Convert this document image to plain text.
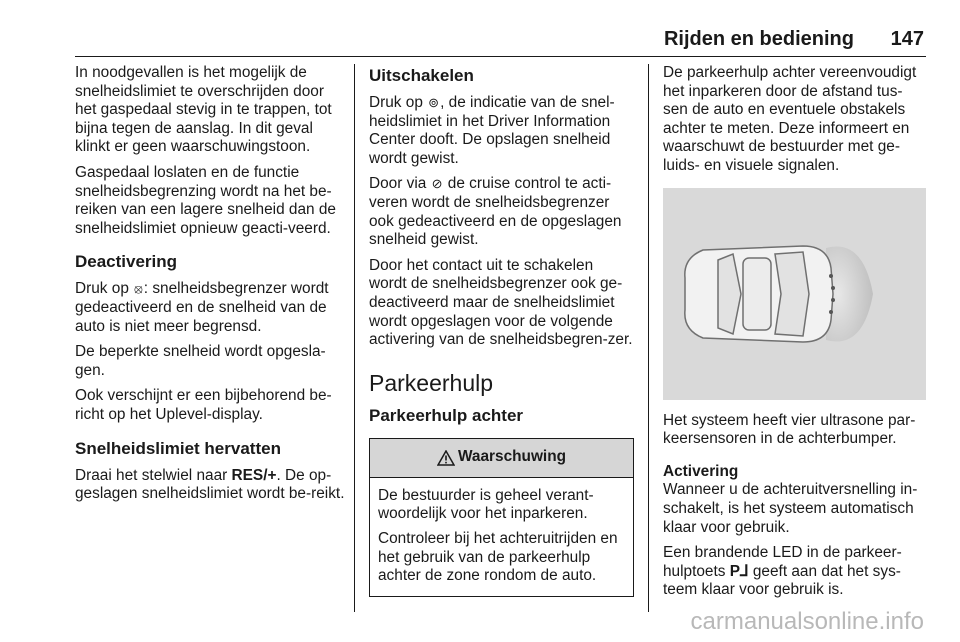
Rijden en bediening 147

In noodgevallen is het mogelijk de snelheidslimiet te overschrijden door het gaspedaal stevig in te trappen, tot bijna tegen de aanslag. In dit geval klinkt er geen waarschuwingstoon.

Gaspedaal loslaten en de functie snelheidsbegrenzing wordt na het be-reiken van een lagere snelheid dan de snelheidslimiet opnieuw geacti-veerd.

Deactivering

Druk op ⦻: snelheidsbegrenzer wordt gedeactiveerd en de snelheid van de auto is niet meer begrensd.

De beperkte snelheid wordt opgesla-gen.

Ook verschijnt er een bijbehorend be-richt op het Uplevel-display.

Snelheidslimiet hervatten

Draai het stelwiel naar RES/+. De op-geslagen snelheidslimiet wordt be-reikt.

Uitschakelen

Druk op ⊚, de indicatie van de snel-heidslimiet in het Driver Information Center dooft. De opslagen snelheid wordt gewist.

Door via ⊘ de cruise control te acti-veren wordt de snelheidsbegrenzer ook gedeactiveerd en de opgeslagen snelheid gewist.

Door het contact uit te schakelen wordt de snelheidsbegrenzer ook ge-deactiveerd maar de snelheidslimiet wordt opgeslagen voor de volgende activering van de snelheidsbegren-zer.

Parkeerhulp
Parkeerhulp achter
Waarschuwing

De bestuurder is geheel verant-woordelijk voor het inparkeren.

Controleer bij het achteruitrijden en het gebruik van de parkeerhulp achter de zone rondom de auto.

De parkeerhulp achter vereenvoudigt het inparkeren door de afstand tus-sen de auto en eventuele obstakels achter te meten. Deze informeert en waarschuwt de bestuurder met ge-luids- en visuele signalen.

Het systeem heeft vier ultrasone par-keersensoren in de achterbumper.

Activering

Wanneer u de achteruitversnelling in-schakelt, is het systeem automatisch klaar voor gebruik.

Een brandende LED in de parkeer-hulptoets P⅃ geeft aan dat het sys-teem klaar voor gebruik is.

carmanualsonline.info
